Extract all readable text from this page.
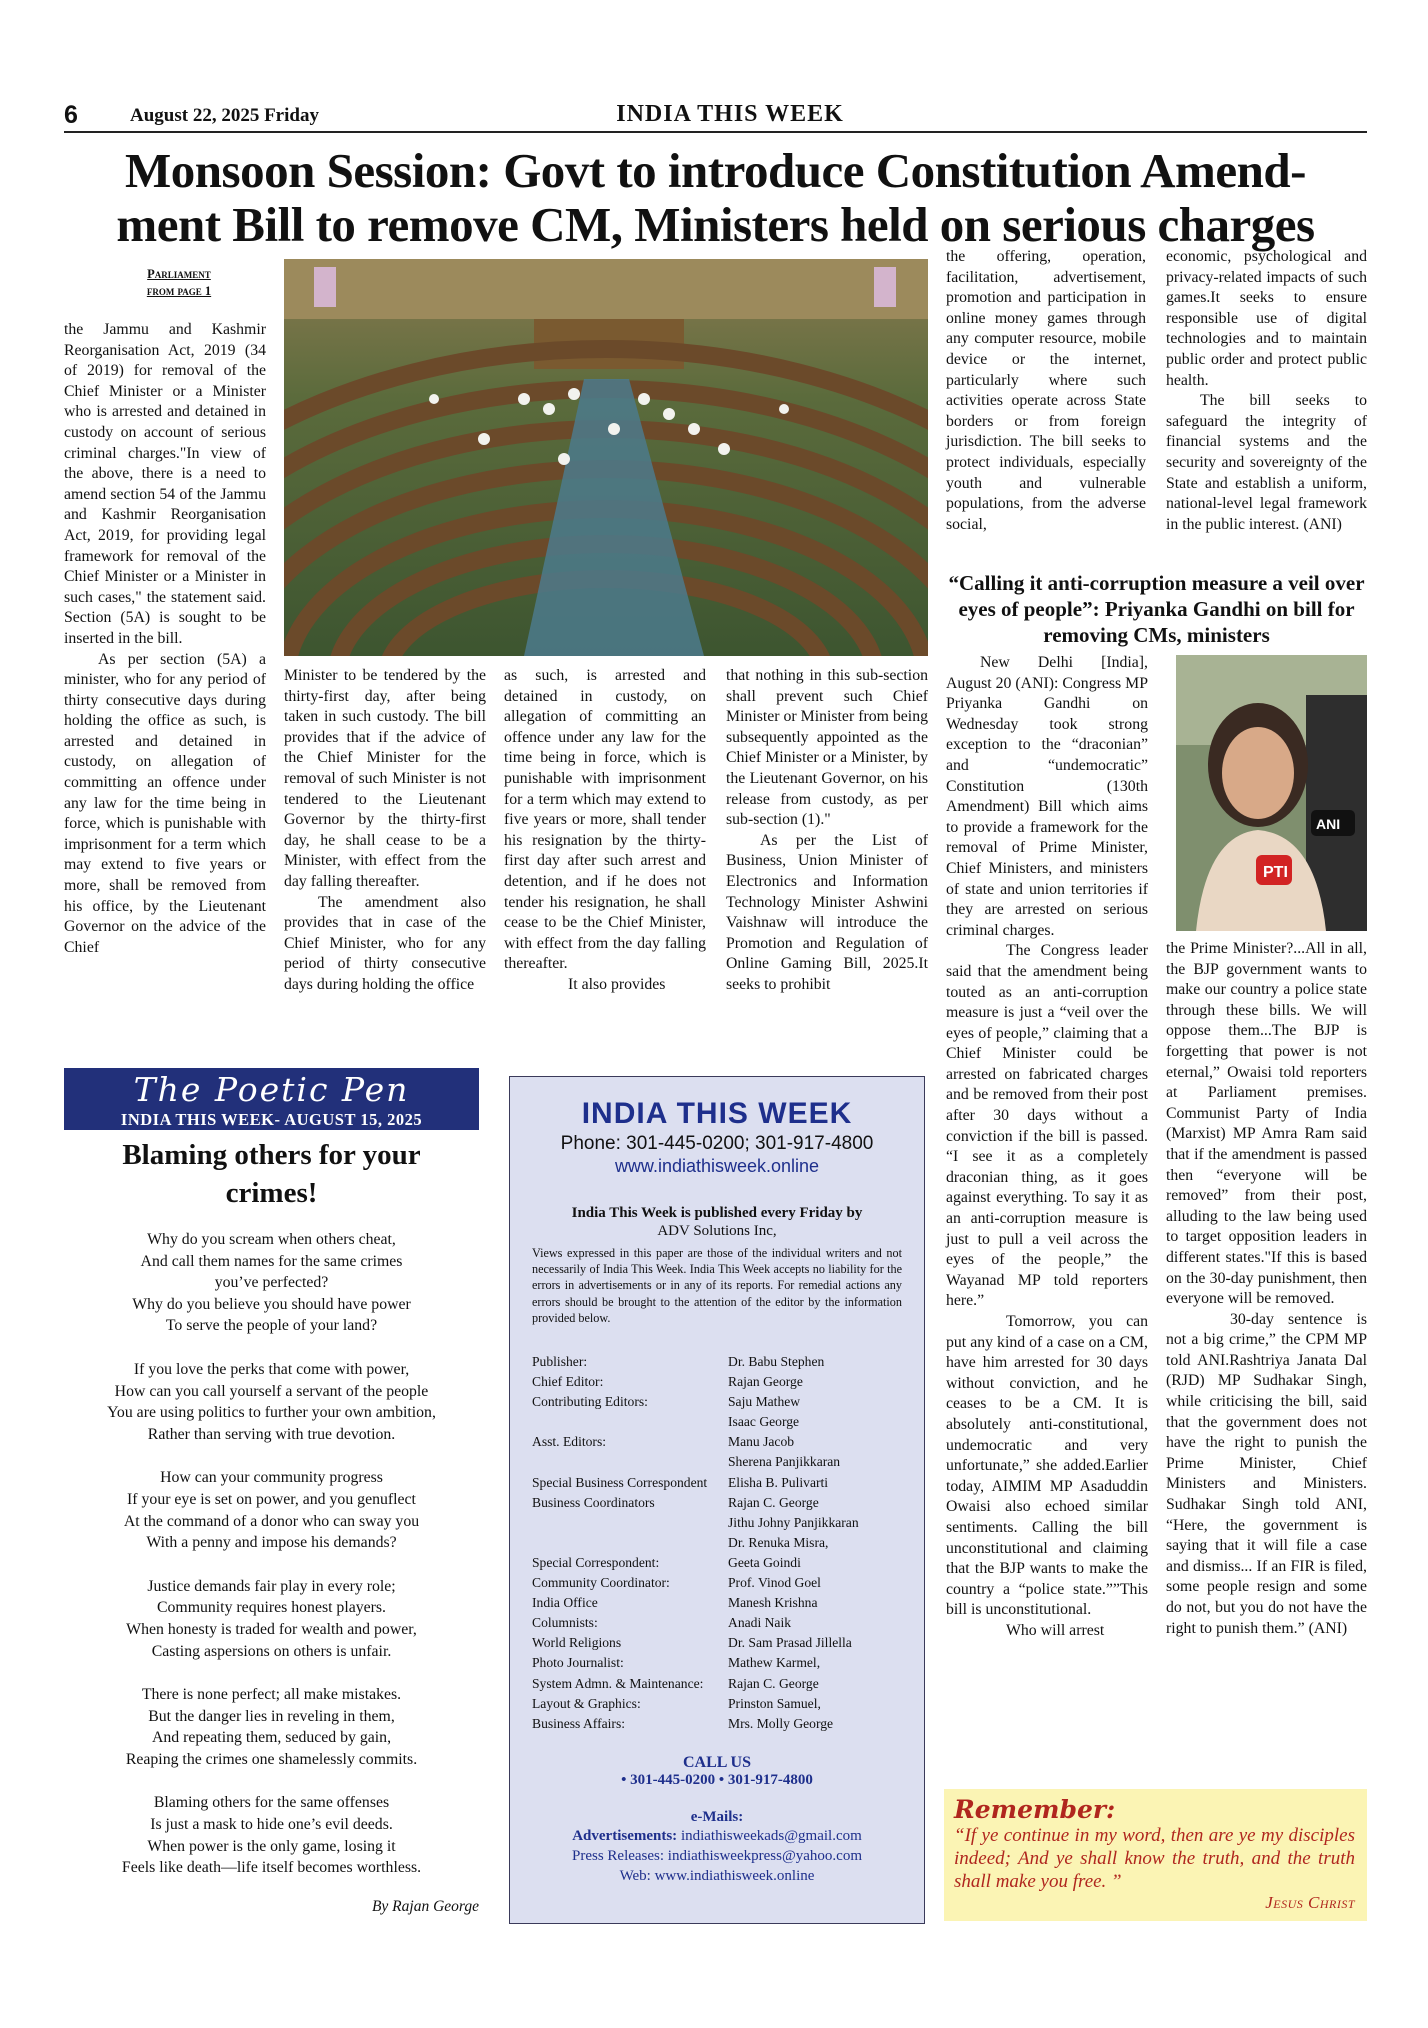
6	August 22, 2025 Friday	INDIA THIS WEEK
Monsoon Session: Govt to introduce Constitution Amend-
ment Bill to remove CM, Ministers held on serious charges
Parliament
from page 1

the Jammu and Kashmir Reorganisation Act, 2019 (34 of 2019) for removal of the Chief Minister or a Minister who is arrested and detained in custody on account of serious criminal charges."In view of the above, there is a need to amend section 54 of the Jammu and Kashmir Reorganisation Act, 2019, for providing legal framework for removal of the Chief Minister or a Minister in such cases," the statement said. Section (5A) is sought to be inserted in the bill.

As per section (5A) a minister, who for any period of thirty consecutive days during holding the office as such, is arrested and detained in custody, on allegation of committing an offence under any law for the time being in force, which is punishable with imprisonment for a term which may extend to five years or more, shall be removed from his office, by the Lieutenant Governor on the advice of the Chief

Minister to be tendered by the thirty-first day, after being taken in such custody. The bill provides that if the advice of the Chief Minister for the removal of such Minister is not tendered to the Lieutenant Governor by the thirty-first day, he shall cease to be a Minister, with effect from the day falling thereafter.

The amendment also provides that in case of the Chief Minister, who for any period of thirty consecutive days during holding the office

as such, is arrested and detained in custody, on allegation of committing an offence under any law for the time being in force, which is punishable with imprisonment for a term which may extend to five years or more, shall tender his resignation by the thirty-first day after such arrest and detention, and if he does not tender his resignation, he shall cease to be the Chief Minister, with effect from the day falling thereafter.

It also provides

that nothing in this sub-section shall prevent such Chief Minister or Minister from being subsequently appointed as the Chief Minister or a Minister, by the Lieutenant Governor, on his release from custody, as per sub-section (1)."

As per the List of Business, Union Minister of Electronics and Information Technology Minister Ashwini Vaishnaw will introduce the Promotion and Regulation of Online Gaming Bill, 2025.It seeks to prohibit

the offering, operation, facilitation, advertisement, promotion and participation in online money games through any computer resource, mobile device or the internet, particularly where such activities operate across State borders or from foreign jurisdiction. The bill seeks to protect individuals, especially youth and vulnerable populations, from the adverse social,

economic, psychological and privacy-related impacts of such games.It seeks to ensure responsible use of digital technologies and to maintain public order and protect public health.

The bill seeks to safeguard the integrity of financial systems and the security and sovereignty of the State and establish a uniform, national-level legal framework in the public interest. (ANI)

“Calling it anti-corruption measure a veil over eyes of people”: Priyanka Gandhi on bill for removing CMs, ministers
PTI
ANI

New Delhi [India], August 20 (ANI): Congress MP Priyanka Gandhi on Wednesday took strong exception to the “draconian” and “undemocratic” Constitution (130th Amendment) Bill which aims to provide a framework for the removal of Prime Minister, Chief Ministers, and ministers of state and union territories if they are arrested on serious criminal charges.

The Congress leader said that the amendment being touted as an anti-corruption measure is just a “veil over the eyes of people,” claiming that a Chief Minister could be arrested on fabricated charges and be removed from their post after 30 days without a conviction if the bill is passed. “I see it as a completely draconian thing, as it goes against everything. To say it as an anti-corruption measure is just to pull a veil across the eyes of the people,” the Wayanad MP told reporters here.”

Tomorrow, you can put any kind of a case on a CM, have him arrested for 30 days without conviction, and he ceases to be a CM. It is absolutely anti-constitutional, undemocratic and very unfortunate,” she added.Earlier today, AIMIM MP Asaduddin Owaisi also echoed similar sentiments. Calling the bill unconstitutional and claiming that the BJP wants to make the country a “police state.””This bill is unconstitutional.

Who will arrest

the Prime Minister?...All in all, the BJP government wants to make our country a police state through these bills. We will oppose them...The BJP is forgetting that power is not eternal,” Owaisi told reporters at Parliament premises. Communist Party of India (Marxist) MP Amra Ram said that if the amendment is passed then “everyone will be removed” from their post, alluding to the law being used to target opposition leaders in different states."If this is based on the 30-day punishment, then everyone will be removed.

30-day sentence is not a big crime,” the CPM MP told ANI.Rashtriya Janata Dal (RJD) MP Sudhakar Singh, while criticising the bill, said that the government does not have the right to punish the Prime Minister, Chief Ministers and Ministers. Sudhakar Singh told ANI, “Here, the government is saying that it will file a case and dismiss... If an FIR is filed, some people resign and some do not, but you do not have the right to punish them.” (ANI)

The Poetic Pen
INDIA THIS WEEK- AUGUST 15, 2025
Blaming others for your
crimes!
Why do you scream when others cheat,
And call them names for the same crimes
you’ve perfected?
Why do you believe you should have power
To serve the people of your land?
If you love the perks that come with power,
How can you call yourself a servant of the people
You are using politics to further your own ambition,
Rather than serving with true devotion.
How can your community progress
If your eye is set on power, and you genuflect
At the command of a donor who can sway you
With a penny and impose his demands?
Justice demands fair play in every role;
Community requires honest players.
When honesty is traded for wealth and power,
Casting aspersions on others is unfair.
There is none perfect; all make mistakes.
But the danger lies in reveling in them,
And repeating them, seduced by gain,
Reaping the crimes one shamelessly commits.
Blaming others for the same offenses
Is just a mask to hide one’s evil deeds.
When power is the only game, losing it
Feels like death—life itself becomes worthless.
By Rajan George
INDIA THIS WEEK
Phone: 301-445-0200; 301-917-4800
www.indiathisweek.online
India This Week is published every Friday by
ADV Solutions Inc,
Views expressed in this paper are those of the individual writers and not necessarily of India This Week. India This Week accepts no liability for the errors in advertisements or in any of its reports. For remedial actions any errors should be brought to the attention of the editor by the information provided below.
Publisher:	Dr. Babu Stephen
Chief Editor:	Rajan George
Contributing Editors:	Saju Mathew
Isaac George
Asst. Editors:	Manu Jacob
Sherena Panjikkaran
Special Business Correspondent	Elisha B. Pulivarti
Business Coordinators	Rajan C. George
Jithu Johny Panjikkaran
Dr. Renuka Misra,
Special Correspondent:	Geeta Goindi
Community Coordinator:	Prof. Vinod Goel
India Office	Manesh Krishna
Columnists:	Anadi Naik
World Religions	Dr. Sam Prasad Jillella
Photo Journalist:	Mathew Karmel,
System Admn. & Maintenance:	Rajan C. George
Layout & Graphics:	Prinston Samuel,
Business Affairs:	Mrs. Molly George
CALL US
• 301-445-0200 • 301-917-4800
e-Mails:
Advertisements: indiathisweekads@gmail.com
Press Releases: indiathisweekpress@yahoo.com
Web: www.indiathisweek.online
Remember:
“If ye continue in my word, then are ye my disciples indeed; And ye shall know the truth, and the truth shall make you free. ”
Jesus Christ
